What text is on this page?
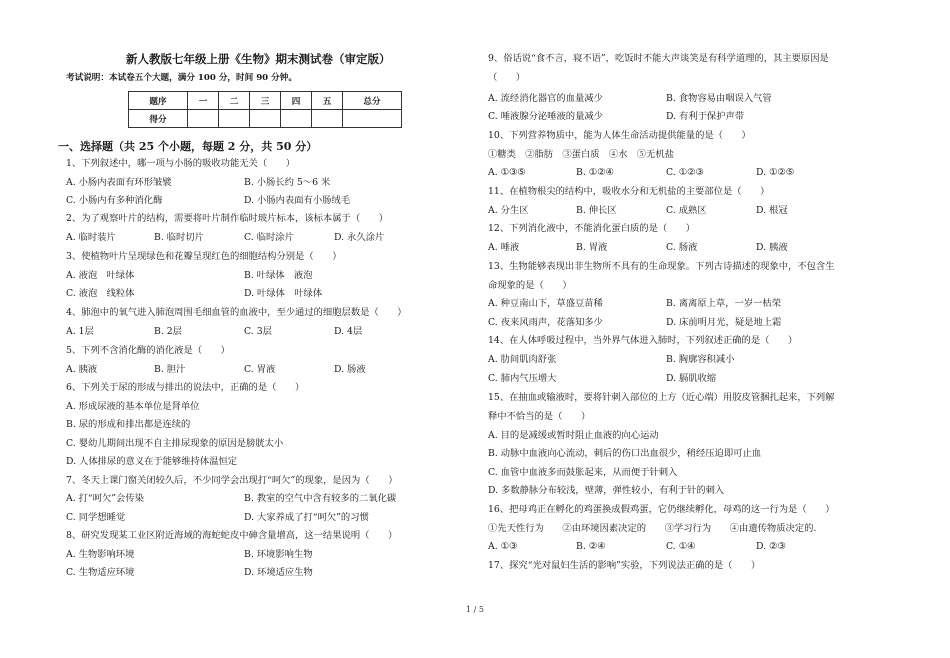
新人教版七年级上册《生物》期末测试卷（审定版）
考试说明：本试卷五个大题，满分 100 分，时间 90 分钟。
题序	一	二	三	四	五	总分
得分						
一、选择题（共 25 个小题，每题 2 分，共 50 分）
1、下列叙述中，哪一项与小肠的吸收功能无关（　　）
A. 小肠内表面有环形皱襞	B. 小肠长约 5～6 米
C. 小肠内有多种消化酶	D. 小肠内表面有小肠绒毛
2、为了观察叶片的结构，需要将叶片制作临时玻片标本，该标本属于（　　）
A. 临时装片	B. 临时切片	C. 临时涂片	D. 永久涂片
3、使植物叶片呈现绿色和花瓣呈现红色的细胞结构分别是（　　）
A. 液泡　叶绿体	B. 叶绿体　液泡
C. 液泡　线粒体	D. 叶绿体　叶绿体
4、肺泡中的氧气进入肺泡周围毛细血管的血液中，至少通过的细胞层数是（　　）
A. 1层	B. 2层	C. 3层	D. 4层
5、下列不含消化酶的消化液是（　　）
A. 胰液	B. 胆汁	C. 胃液	D. 肠液
6、下列关于尿的形成与排出的说法中，正确的是（　　）
A. 形成尿液的基本单位是肾单位
B. 尿的形成和排出都是连续的
C. 婴幼儿期间出现不自主排尿现象的原因是膀胱太小
D. 人体排尿的意义在于能够维持体温恒定
7、冬天上课门窗关闭较久后，不少同学会出现打“呵欠”的现象，是因为（　　）
A. 打“呵欠”会传染	B. 教室的空气中含有较多的二氧化碳
C. 同学想睡觉	D. 大家养成了打“呵欠”的习惯
8、研究发现某工业区附近海域的海蛇蛇皮中砷含量增高，这一结果说明（　　）
A. 生物影响环境	B. 环境影响生物
C. 生物适应环境	D. 环境适应生物
9、俗话说“食不言，寝不语”，吃饭时不能大声谈笑是有科学道理的，其主要原因是
（　　）
A. 流经消化器官的血量减少	B. 食物容易由咽误入气管
C. 唾液腺分泌唾液的量减少	D. 有利于保护声带
10、下列营养物质中，能为人体生命活动提供能量的是（　　）
①糖类　②脂肪　③蛋白质　④水　⑤无机盐
A. ①③⑤	B. ①②④	C. ①②③	D. ①②⑤
11、在植物根尖的结构中，吸收水分和无机盐的主要部位是（　　）
A. 分生区	B. 伸长区	C. 成熟区	D. 根冠
12、下列消化液中，不能消化蛋白质的是（　　）
A. 唾液	B. 胃液	C. 肠液	D. 胰液
13、生物能够表现出非生物所不具有的生命现象。下列古诗描述的现象中，不包含生
命现象的是（　　）
A. 种豆南山下，草盛豆苗稀	B. 离离原上草，一岁一枯荣
C. 夜来风雨声，花落知多少	D. 床前明月光，疑是地上霜
14、在人体呼吸过程中，当外界气体进入肺时，下列叙述正确的是（　　）
A. 肋间肌肉舒张	B. 胸廓容积减小
C. 肺内气压增大	D. 膈肌收缩
15、在抽血或输液时，要将针刺入部位的上方（近心端）用胶皮管捆扎起来，下列解
释中不恰当的是（　　）
A. 目的是减缓或暂时阻止血液的向心运动
B. 动脉中血液向心流动，刺后的伤口出血很少，稍经压迫即可止血
C. 血管中血液多而鼓胀起来，从而便于针刺入
D. 多数静脉分布较浅，壁薄，弹性较小，有利于针的刺入
16、把母鸡正在孵化的鸡蛋换成假鸡蛋，它仍继续孵化，母鸡的这一行为是（　　）
①先天性行为　　②由环境因素决定的　　③学习行为　　④由遗传物质决定的.
A. ①③	B. ②④	C. ①④	D. ②③
17、探究“光对鼠妇生活的影响”实验，下列说法正确的是（　　）
1 / 5
